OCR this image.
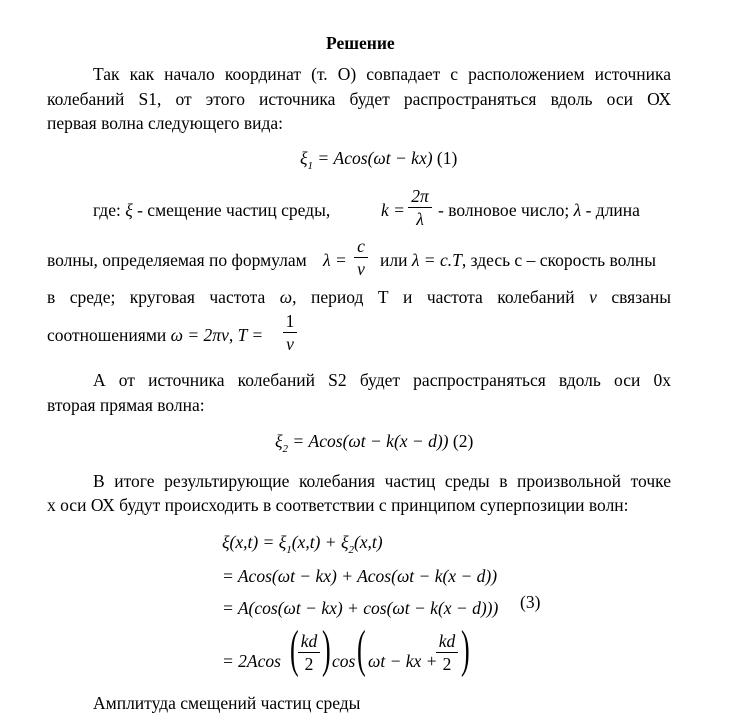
Решение
Так как начало координат (т. О) совпадает с расположением источника
колебаний S1, от этого источника будет распространяться вдоль оси ОХ
первая волна следующего вида:
$\xi_1 = Acos(\omega t - kx)$ (1)
где: ξ - смещение частиц среды,	k =
2π
λ - волновое число; λ - длина
волны, определяемая по формулам λ =
c
ν или λ = c.T, здесь с – скорость волны
в среде; круговая частота ω, период Т и частота колебаний ν связаны
соотношениями ω = 2πν, T =
1
ν
А от источника колебаний S2 будет распространяться вдоль оси 0х
вторая прямая волна:
$\xi_2 = Acos(\omega t - k(x - d))$ (2)
В итоге результирующие колебания частиц среды в произвольной точке
х оси ОХ будут происходить в соответствии с принципом суперпозиции волн:
$\xi(x,t) = \xi_1(x,t) + \xi_2(x,t)$
= Acos(ωt − kx) + Acos(ωt − k(x − d))
= A(cos(ωt − kx) + cos(ωt − k(x − d))) (3)
= 2Acos ( kd
2 ) cos ( ωt − kx +
kd
2 )
Амплитуда смещений частиц среды
